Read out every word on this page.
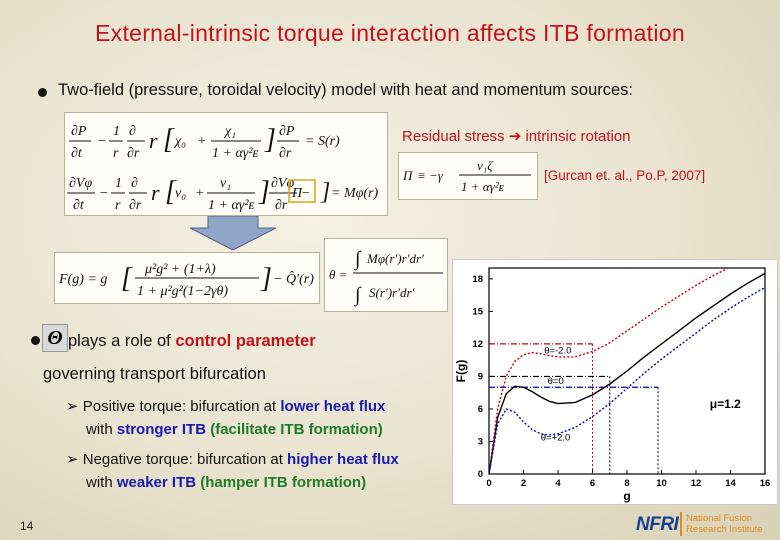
External-intrinsic torque interaction affects ITB formation
Two-field (pressure, toroidal velocity) model with heat and momentum sources:
∂P
∂t
−
1
r
∂
∂r
r [ χ₀ +
χ₁
1 + αγ²ᴇ ] ∂P
∂r
= S(r)
∂Vφ
∂t
−
1
r
∂
∂r
r [ ν₀ +
ν₁
1 + αγ²ᴇ ] ∂Vφ
∂r
−
Π ] = Mφ(r)
Residual stress ➔ intrinsic rotation
Π ≡ −γ
ν₁ζ
1 + αγ²ᴇ
[Gurcan et. al., Po.P, 2007]
F(g) = g [ μ²g² + (1+λ)
1 + μ²g²(1−2γθ) ] − Q̂′(r) θ =
∫ Mφ(r′)r′dr′
∫ S(r′)r′dr′
Θ plays a role of control parameter
governing transport bifurcation
➢ Positive torque: bifurcation at lower heat flux
with stronger ITB (facilitate ITB formation)
➢ Negative torque: bifurcation at higher heat flux
with weaker ITB (hamper ITB formation)
14
0	2	4	6	8	10	12	14	16
0
3
6
9
12
15
18
g
F(g)
θ=-2.0
θ=0
θ=+2.0
μ=1.2
NFRI National Fusion
Research Institute
